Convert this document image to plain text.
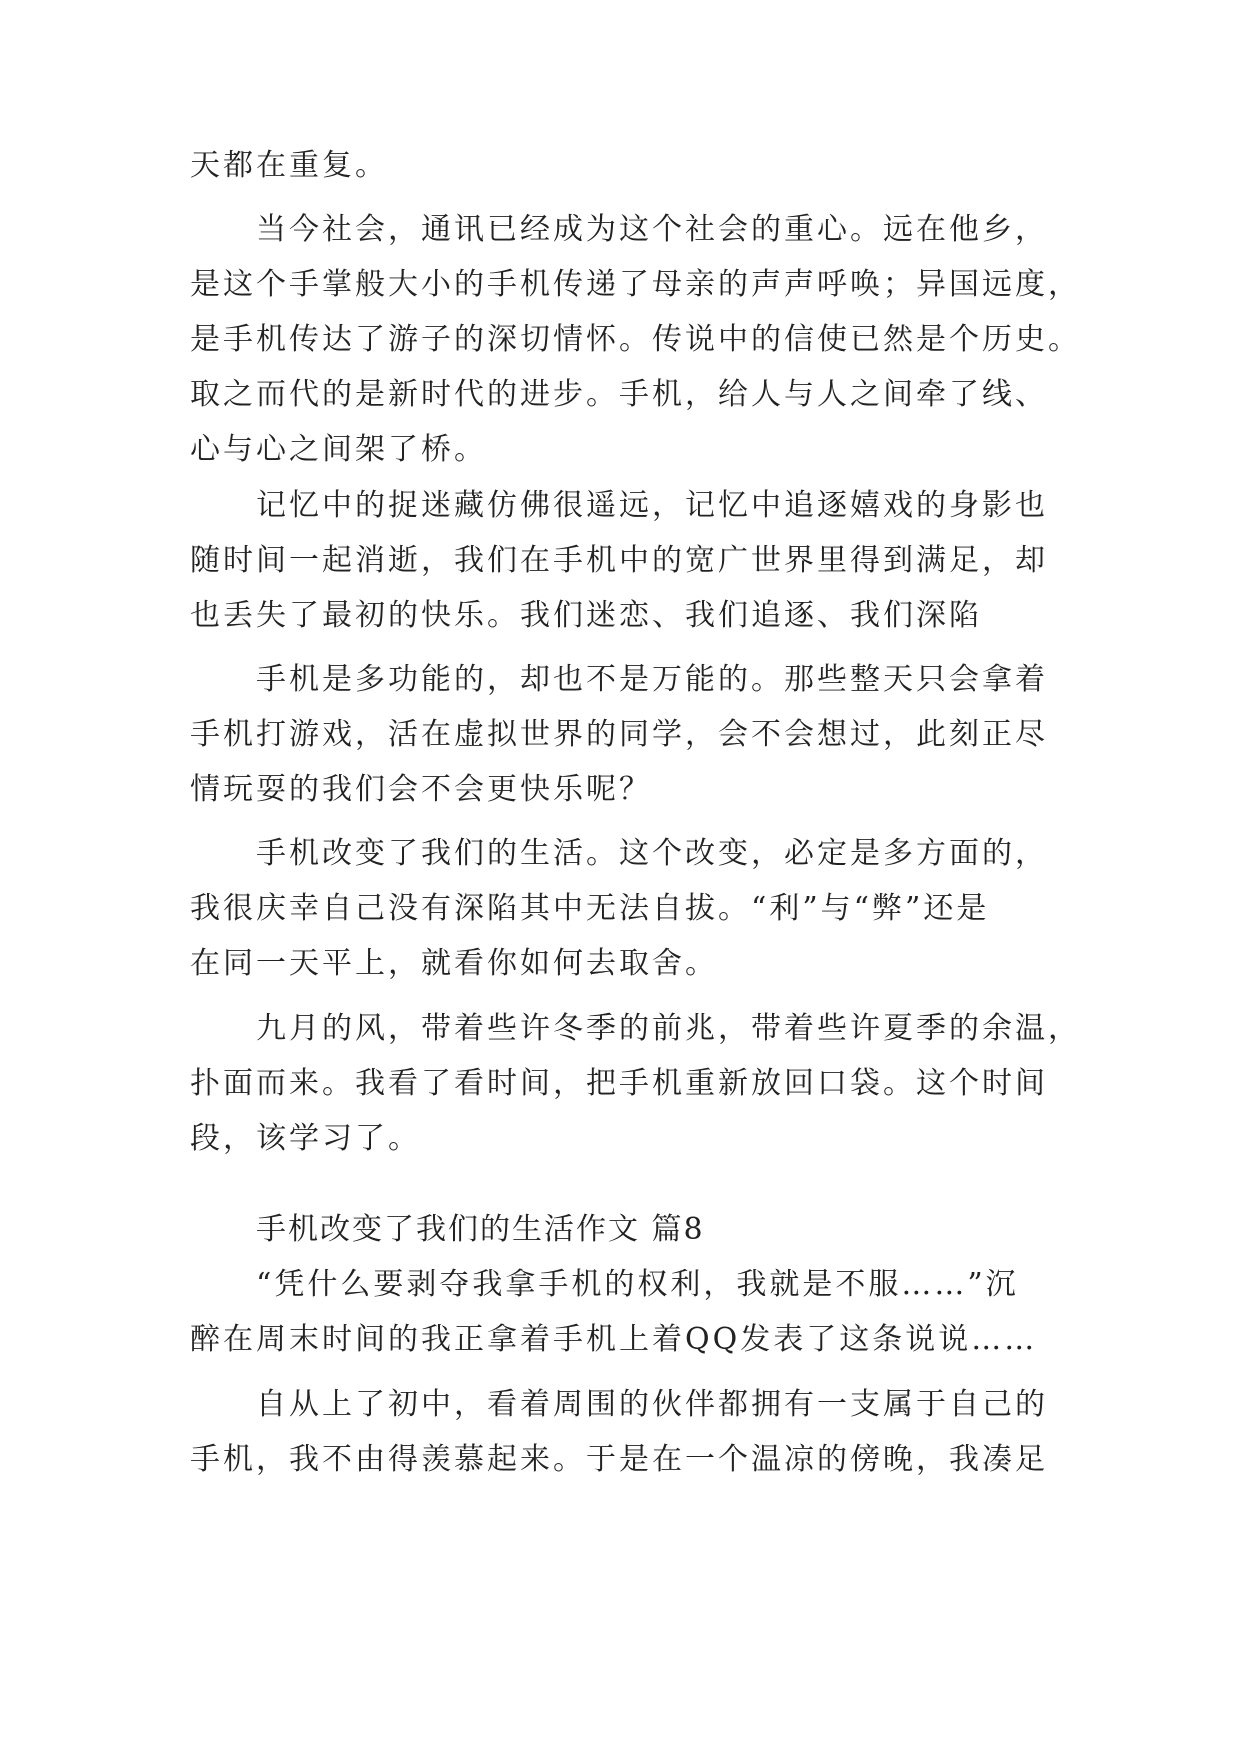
天都在重复。
当今社会，通讯已经成为这个社会的重心。远在他乡，
是这个手掌般大小的手机传递了母亲的声声呼唤；异国远度，
是手机传达了游子的深切情怀。传说中的信使已然是个历史。
取之而代的是新时代的进步。手机，给人与人之间牵了线、
心与心之间架了桥。
记忆中的捉迷藏仿佛很遥远，记忆中追逐嬉戏的身影也
随时间一起消逝，我们在手机中的宽广世界里得到满足，却
也丢失了最初的快乐。我们迷恋、我们追逐、我们深陷
手机是多功能的，却也不是万能的。那些整天只会拿着
手机打游戏，活在虚拟世界的同学，会不会想过，此刻正尽
情玩耍的我们会不会更快乐呢？
手机改变了我们的生活。这个改变，必定是多方面的，
我很庆幸自己没有深陷其中无法自拔。“利”与“弊”还是
在同一天平上，就看你如何去取舍。
九月的风，带着些许冬季的前兆，带着些许夏季的余温，
扑面而来。我看了看时间，把手机重新放回口袋。这个时间
段，该学习了。
手机改变了我们的生活作文 篇8
“凭什么要剥夺我拿手机的权利，我就是不服……”沉
醉在周末时间的我正拿着手机上着QQ发表了这条说说……
自从上了初中，看着周围的伙伴都拥有一支属于自己的
手机，我不由得羡慕起来。于是在一个温凉的傍晚，我凑足
